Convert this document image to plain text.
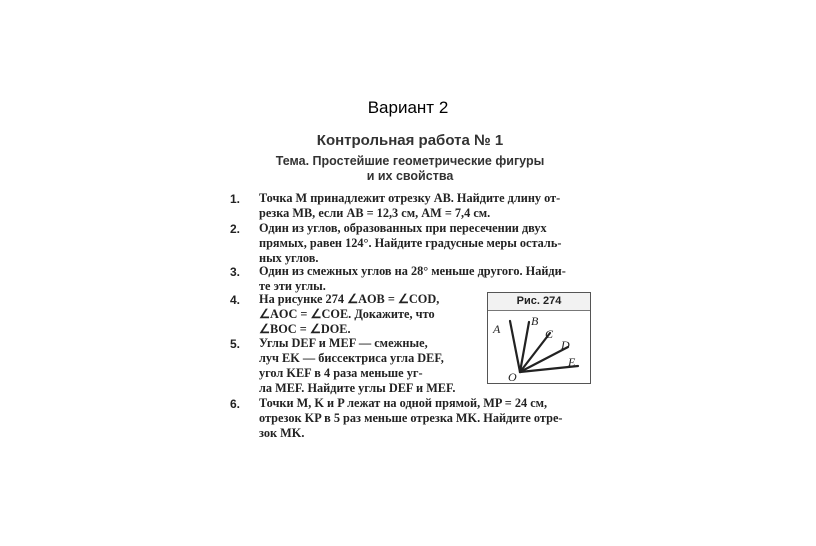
Вариант 2
Контрольная работа № 1
Тема. Простейшие геометрические фигуры
и их свойства
1.	Точка M принадлежит отрезку AB. Найдите длину от-
резка MB, если AB = 12,3 см, AM = 7,4 см.
2.	Один из углов, образованных при пересечении двух
прямых, равен 124°. Найдите градусные меры осталь-
ных углов.
3.	Один из смежных углов на 28° меньше другого. Найди-
те эти углы.
4.	На рисунке 274 ∠AOB = ∠COD,
∠AOC = ∠COE. Докажите, что
∠BOC = ∠DOE.
5.	Углы DEF и MEF — смежные,
луч EK — биссектриса угла DEF,
угол KEF в 4 раза меньше уг-
ла MEF. Найдите углы DEF и MEF.
6.	Точки M, K и P лежат на одной прямой, MP = 24 см,
отрезок KP в 5 раз меньше отрезка MK. Найдите отре-
зок MK.
Рис. 274
A
B
C
D
E
O
